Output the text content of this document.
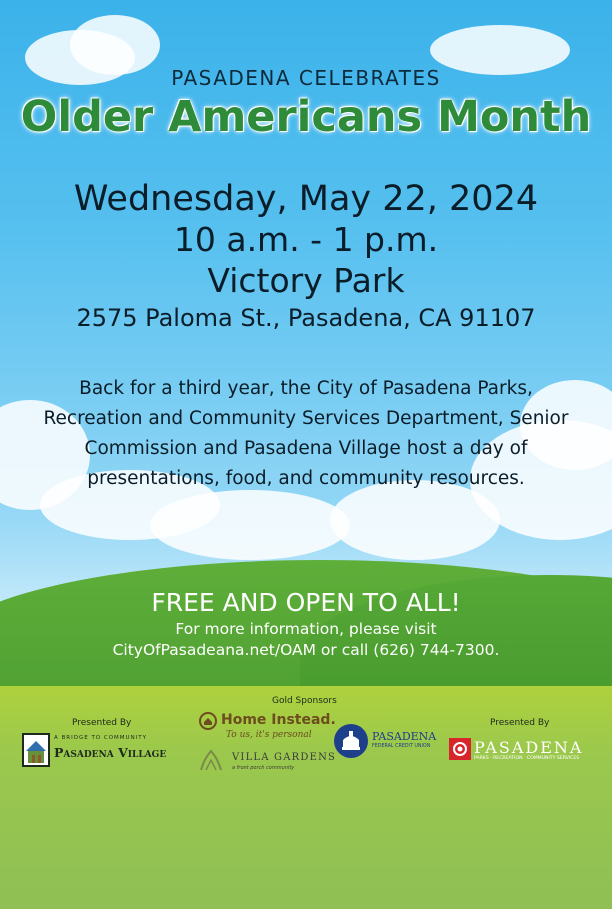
PASADENA CELEBRATES
Older Americans Month
Wednesday, May 22, 2024
10 a.m. - 1 p.m.
Victory Park
2575 Paloma St., Pasadena, CA 91107
Back for a third year, the City of Pasadena Parks, Recreation and Community Services Department, Senior Commission and Pasadena Village host a day of presentations, food, and community resources.
FREE AND OPEN TO ALL!
For more information, please visit
CityOfPasadeana.net/OAM or call (626) 744-7300.
Presented By
Gold Sponsors
Presented By
A BRIDGE TO COMMUNITY
Pasadena Village
Home Instead.
To us, it's personal
VILLA GARDENS
a front porch community
PASADENA
FEDERAL CREDIT UNION	PASADENA
PARKS · RECREATION · COMMUNITY SERVICES
